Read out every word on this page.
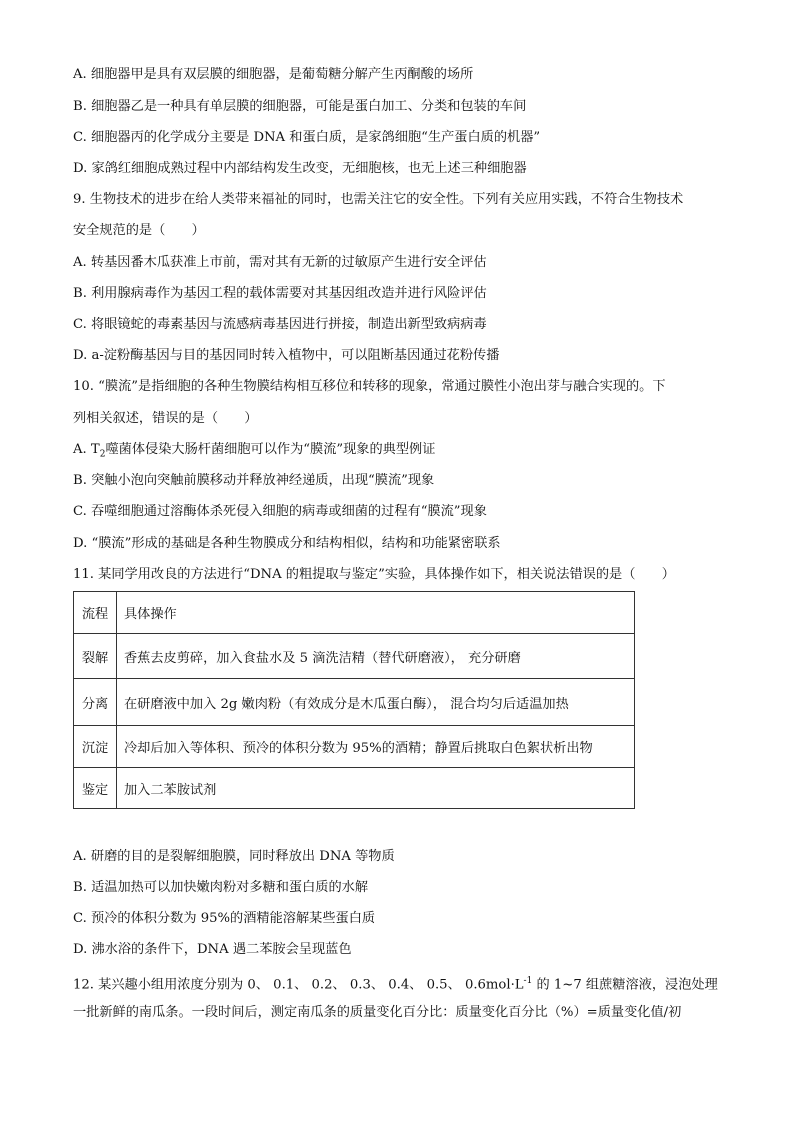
A. 细胞器甲是具有双层膜的细胞器，是葡萄糖分解产生丙酮酸的场所
B. 细胞器乙是一种具有单层膜的细胞器，可能是蛋白加工、分类和包装的车间
C. 细胞器丙的化学成分主要是 DNA 和蛋白质，是家鸽细胞“生产蛋白质的机器”
D. 家鸽红细胞成熟过程中内部结构发生改变，无细胞核，也无上述三种细胞器
9. 生物技术的进步在给人类带来福祉的同时，也需关注它的安全性。下列有关应用实践，不符合生物技术
安全规范的是（　　）
A. 转基因番木瓜获准上市前，需对其有无新的过敏原产生进行安全评估
B. 利用腺病毒作为基因工程的载体需要对其基因组改造并进行风险评估
C. 将眼镜蛇的毒素基因与流感病毒基因进行拼接，制造出新型致病病毒
D. a-淀粉酶基因与目的基因同时转入植物中，可以阻断基因通过花粉传播
10. “膜流”是指细胞的各种生物膜结构相互移位和转移的现象，常通过膜性小泡出芽与融合实现的。下
列相关叙述，错误的是（　　）
A. $T_2$噬菌体侵染大肠杆菌细胞可以作为“膜流”现象的典型例证
B. 突触小泡向突触前膜移动并释放神经递质，出现“膜流”现象
C. 吞噬细胞通过溶酶体杀死侵入细胞的病毒或细菌的过程有“膜流”现象
D. “膜流”形成的基础是各种生物膜成分和结构相似，结构和功能紧密联系
11. 某同学用改良的方法进行“DNA 的粗提取与鉴定”实验，具体操作如下，相关说法错误的是（　　）
流程	具体操作
裂解	香蕉去皮剪碎，加入食盐水及 5 滴洗洁精（替代研磨液）， 充分研磨
分离	在研磨液中加入 2g 嫩肉粉（有效成分是木瓜蛋白酶）， 混合均匀后适温加热
沉淀	冷却后加入等体积、预冷的体积分数为 95%的酒精；静置后挑取白色絮状析出物
鉴定	加入二苯胺试剂
A. 研磨的目的是裂解细胞膜，同时释放出 DNA 等物质
B. 适温加热可以加快嫩肉粉对多糖和蛋白质的水解
C. 预冷的体积分数为 95%的酒精能溶解某些蛋白质
D. 沸水浴的条件下，DNA 遇二苯胺会呈现蓝色
12. 某兴趣小组用浓度分别为 0、 0.1、 0.2、 0.3、 0.4、 0.5、 $0.6mol\cdot L^{-1}$ 的 1~7 组蔗糖溶液，浸泡处理
一批新鲜的南瓜条。一段时间后，测定南瓜条的质量变化百分比：质量变化百分比（%）=质量变化值/初
